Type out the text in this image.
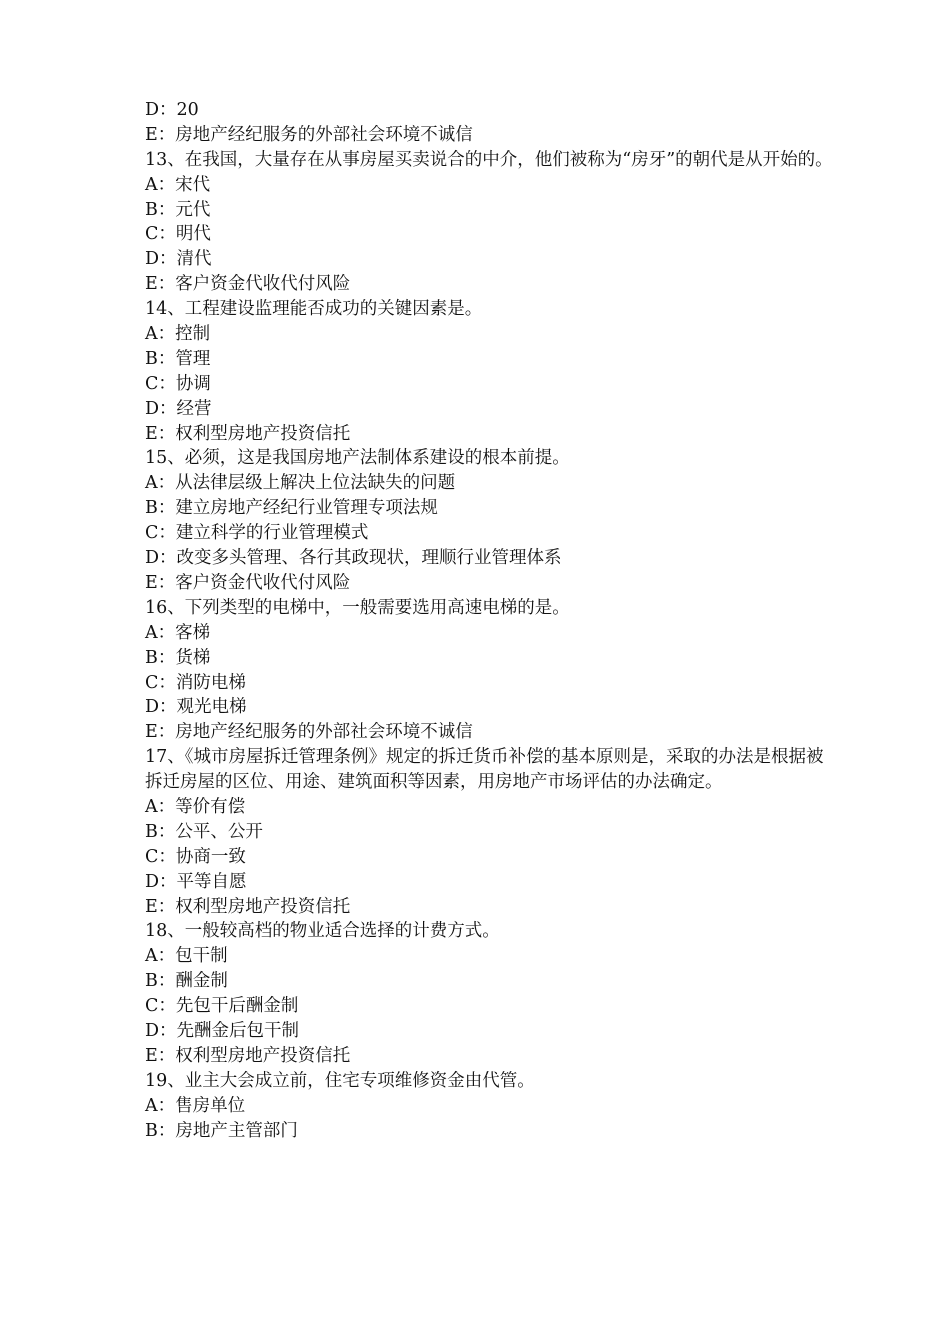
D：20
E：房地产经纪服务的外部社会环境不诚信
13、在我国，大量存在从事房屋买卖说合的中介，他们被称为“房牙”的朝代是从开始的。
A：宋代
B：元代
C：明代
D：清代
E：客户资金代收代付风险
14、工程建设监理能否成功的关键因素是。
A：控制
B：管理
C：协调
D：经营
E：权利型房地产投资信托
15、必须，这是我国房地产法制体系建设的根本前提。
A：从法律层级上解决上位法缺失的问题
B：建立房地产经纪行业管理专项法规
C：建立科学的行业管理模式
D：改变多头管理、各行其政现状，理顺行业管理体系
E：客户资金代收代付风险
16、下列类型的电梯中，一般需要选用高速电梯的是。
A：客梯
B：货梯
C：消防电梯
D：观光电梯
E：房地产经纪服务的外部社会环境不诚信
17、《城市房屋拆迁管理条例》规定的拆迁货币补偿的基本原则是，采取的办法是根据被拆迁房屋的区位、用途、建筑面积等因素，用房地产市场评估的办法确定。
A：等价有偿
B：公平、公开
C：协商一致
D：平等自愿
E：权利型房地产投资信托
18、一般较高档的物业适合选择的计费方式。
A：包干制
B：酬金制
C：先包干后酬金制
D：先酬金后包干制
E：权利型房地产投资信托
19、业主大会成立前，住宅专项维修资金由代管。
A：售房单位
B：房地产主管部门
